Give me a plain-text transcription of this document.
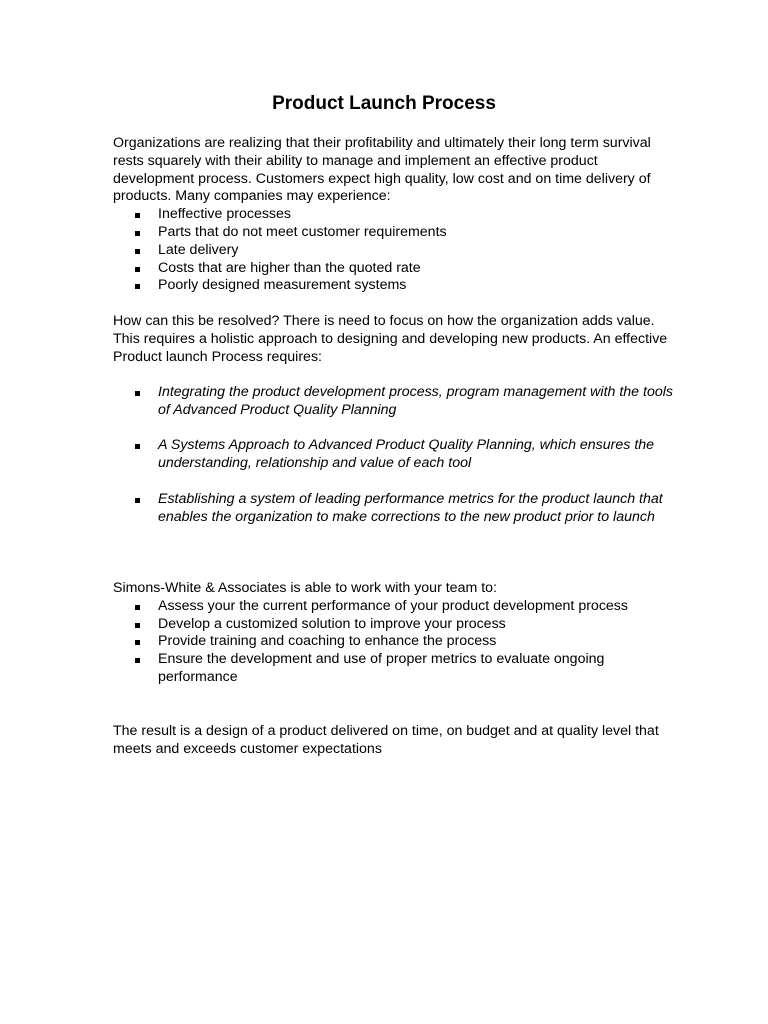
Product Launch Process

Organizations are realizing that their profitability and ultimately their long term survival rests squarely with their ability to manage and implement an effective product development process. Customers expect high quality, low cost and on time delivery of products. Many companies may experience:

Ineffective processes
Parts that do not meet customer requirements
Late delivery
Costs that are higher than the quoted rate
Poorly designed measurement systems

How can this be resolved? There is need to focus on how the organization adds value. This requires a holistic approach to designing and developing new products. An effective Product launch Process requires:

Integrating the product development process, program management with the tools of Advanced Product Quality Planning
A Systems Approach to Advanced Product Quality Planning, which ensures the understanding, relationship and value of each tool
Establishing a system of leading performance metrics for the product launch that enables the organization to make corrections to the new product prior to launch

Simons-White & Associates is able to work with your team to:

Assess your the current performance of your product development process
Develop a customized solution to improve your process
Provide training and coaching to enhance the process
Ensure the development and use of proper metrics to evaluate ongoing performance

The result is a design of a product delivered on time, on budget and at quality level that meets and exceeds customer expectations
